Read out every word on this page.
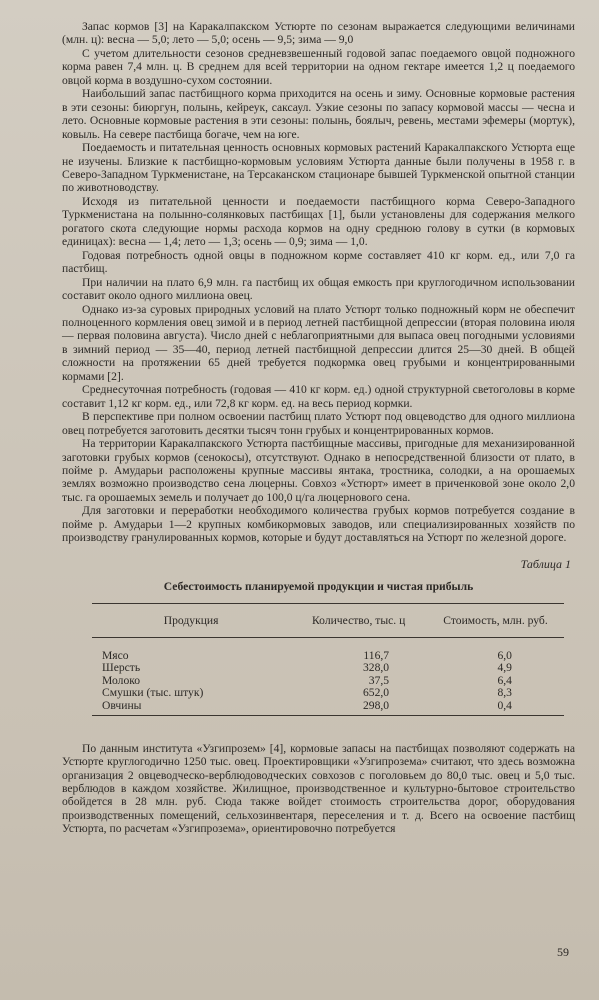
Запас кормов [3] на Каракалпакском Устюрте по сезонам выражается следующими величинами (млн. ц): весна — 5,0; лето — 5,0; осень — 9,5; зима — 9,0

С учетом длительности сезонов средневзвешенный годовой запас поедаемого овцой подножного корма равен 7,4 млн. ц. В среднем для всей территории на одном гектаре имеется 1,2 ц поедаемого овцой корма в воздушно-сухом состоянии.

Наибольший запас пастбищного корма приходится на осень и зиму. Основные кормовые растения в эти сезоны: биюргун, полынь, кейреук, саксаул. Узкие сезоны по запасу кормовой массы — чесна и лето. Основные кормовые растения в эти сезоны: полынь, боялыч, ревень, местами эфемеры (мортук), ковыль. На севере пастбища богаче, чем на юге.

Поедаемость и питательная ценность основных кормовых растений Каракалпакского Устюрта еще не изучены. Близкие к пастбищно-кормовым условиям Устюрта данные были получены в 1958 г. в Северо-Западном Туркменистане, на Терсаканском стационаре бывшей Туркменской опытной станции по животноводству.

Исходя из питательной ценности и поедаемости пастбищного корма Северо-Западного Туркменистана на полынно-солянковых пастбищах [1], были установлены для содержания мелкого рогатого скота следующие нормы расхода кормов на одну среднюю голову в сутки (в кормовых единицах): весна — 1,4; лето — 1,3; осень — 0,9; зима — 1,0.

Годовая потребность одной овцы в подножном корме составляет 410 кг корм. ед., или 7,0 га пастбищ.

При наличии на плато 6,9 млн. га пастбищ их общая емкость при круглогодичном использовании составит около одного миллиона овец.

Однако из-за суровых природных условий на плато Устюрт только подножный корм не обеспечит полноценного кормления овец зимой и в период летней пастбищной депрессии (вторая половина июля — первая половина августа). Число дней с неблагоприятными для выпаса овец погодными условиями в зимний период — 35—40, период летней пастбищной депрессии длится 25—30 дней. В общей сложности на протяжении 65 дней требуется подкормка овец грубыми и концентрированными кормами [2].

Среднесуточная потребность (годовая — 410 кг корм. ед.) одной структурной светоголовы в корме составит 1,12 кг корм. ед., или 72,8 кг корм. ед. на весь период кормки.

В перспективе при полном освоении пастбищ плато Устюрт под овцеводство для одного миллиона овец потребуется заготовить десятки тысяч тонн грубых и концентрированных кормов.

На территории Каракалпакского Устюрта пастбищные массивы, пригодные для механизированной заготовки грубых кормов (сенокосы), отсутствуют. Однако в непосредственной близости от плато, в пойме р. Амударьи расположены крупные массивы янтака, тростника, солодки, а на орошаемых землях возможно производство сена люцерны. Совхоз «Устюрт» имеет в приченковой зоне около 2,0 тыс. га орошаемых земель и получает до 100,0 ц/га люцернового сена.

Для заготовки и переработки необходимого количества грубых кормов потребуется создание в пойме р. Амударьи 1—2 крупных комбикормовых заводов, или специализированных хозяйств по производству гранулированных кормов, которые и будут доставляться на Устюрт по железной дороге.

Таблица 1
Себестоимость планируемой продукции и чистая прибыль
Продукция	Количество, тыс. ц	Стоимость, млн. руб.
Мясо	116,7	6,0
Шерсть	328,0	4,9
Молоко	37,5	6,4
Смушки (тыс. штук)	652,0	8,3
Овчины	298,0	0,4

По данным института «Узгипрозем» [4], кормовые запасы на пастбищах позволяют содержать на Устюрте круглогодично 1250 тыс. овец. Проектировщики «Узгипрозема» считают, что здесь возможна организация 2 овцеводческо-верблюдоводческих совхозов с поголовьем до 80,0 тыс. овец и 5,0 тыс. верблюдов в каждом хозяйстве. Жилищное, производственное и культурно-бытовое строительство обойдется в 28 млн. руб. Сюда также войдет стоимость строительства дорог, оборудования производственных помещений, сельхозинвентаря, переселения и т. д. Всего на освоение пастбищ Устюрта, по расчетам «Узгипрозема», ориентировочно потребуется

59
